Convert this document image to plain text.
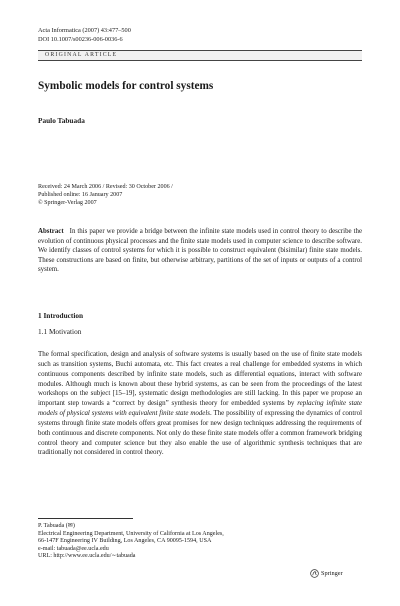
Acta Informatica (2007) 43:477–500
DOI 10.1007/s00236-006-0036-6
ORIGINAL ARTICLE
Symbolic models for control systems
Paulo Tabuada
Received: 24 March 2006 / Revised: 30 October 2006 /
Published online: 16 January 2007
© Springer-Verlag 2007
Abstract In this paper we provide a bridge between the infinite state models used in control theory to describe the evolution of continuous physical processes and the finite state models used in computer science to describe software. We identify classes of control systems for which it is possible to construct equivalent (bisimilar) finite state models. These constructions are based on finite, but otherwise arbitrary, partitions of the set of inputs or outputs of a control system.
1 Introduction
1.1 Motivation
The formal specification, design and analysis of software systems is usually based on the use of finite state models such as transition systems, Buchi automata, etc. This fact creates a real challenge for embedded systems in which continuous components described by infinite state models, such as differential equations, interact with software modules. Although much is known about these hybrid systems, as can be seen from the proceedings of the latest workshops on the subject [15–19], systematic design methodologies are still lacking. In this paper we propose an important step towards a “correct by design” synthesis theory for embedded systems by replacing infinite state models of physical systems with equivalent finite state models. The possibility of expressing the dynamics of control systems through finite state models offers great promises for new design techniques addressing the requirements of both continuous and discrete components. Not only do these finite state models offer a common framework bridging control theory and computer science but they also enable the use of algorithmic synthesis techniques that are traditionally not considered in control theory.
P. Tabuada (✉)
Electrical Engineering Department, University of California at Los Angeles,
66-147F Engineering IV Building, Los Angeles, CA 90095-1594, USA
e-mail: tabuada@ee.ucla.edu
URL: http://www.ee.ucla.edu/∼tabuada
Springer
